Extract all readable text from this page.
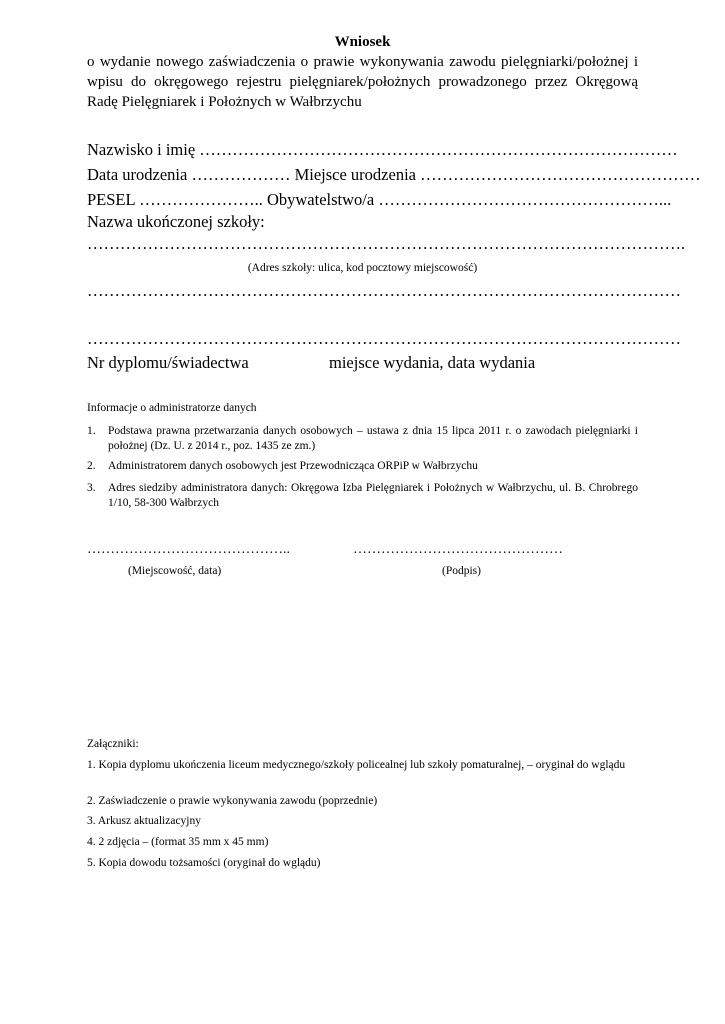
Wniosek

o wydanie nowego zaświadczenia o prawie wykonywania zawodu pielęgniarki/położnej i wpisu do okręgowego rejestru pielęgniarek/położnych prowadzonego przez Okręgową Radę Pielęgniarek i Położnych w Wałbrzychu

Nazwisko i imię ……………………………………………………………………………
Data urodzenia ……………… Miejsce urodzenia ……………………………………………
PESEL ………………….. Obywatelstwo/a ……………………………………………...
Nazwa ukończonej szkoły:
……………………………………………………………………………………………….
(Adres szkoły: ulica, kod pocztowy miejscowość)
………………………………………………………………………………………………
………………………………………………………………………………………………
Nr dyplomu/świadectwa	miejsce wydania, data wydania
Informacje o administratorze danych
1. Podstawa prawna przetwarzania danych osobowych – ustawa z dnia 15 lipca 2011 r. o zawodach pielęgniarki i położnej (Dz. U. z 2014 r., poz. 1435 ze zm.)
2. Administratorem danych osobowych jest Przewodnicząca ORPiP w Wałbrzychu
3. Adres siedziby administratora danych: Okręgowa Izba Pielęgniarek i Położnych w Wałbrzychu, ul. B. Chrobrego 1/10, 58-300 Wałbrzych
……………………………………..	………………………………………
(Miejscowość, data)	(Podpis)
Załączniki:
1. Kopia dyplomu ukończenia liceum medycznego/szkoły policealnej lub szkoły pomaturalnej, – oryginał do wglądu
2. Zaświadczenie o prawie wykonywania zawodu (poprzednie)
3. Arkusz aktualizacyjny
4. 2 zdjęcia – (format 35 mm x 45 mm)
5. Kopia dowodu tożsamości (oryginał do wglądu)
